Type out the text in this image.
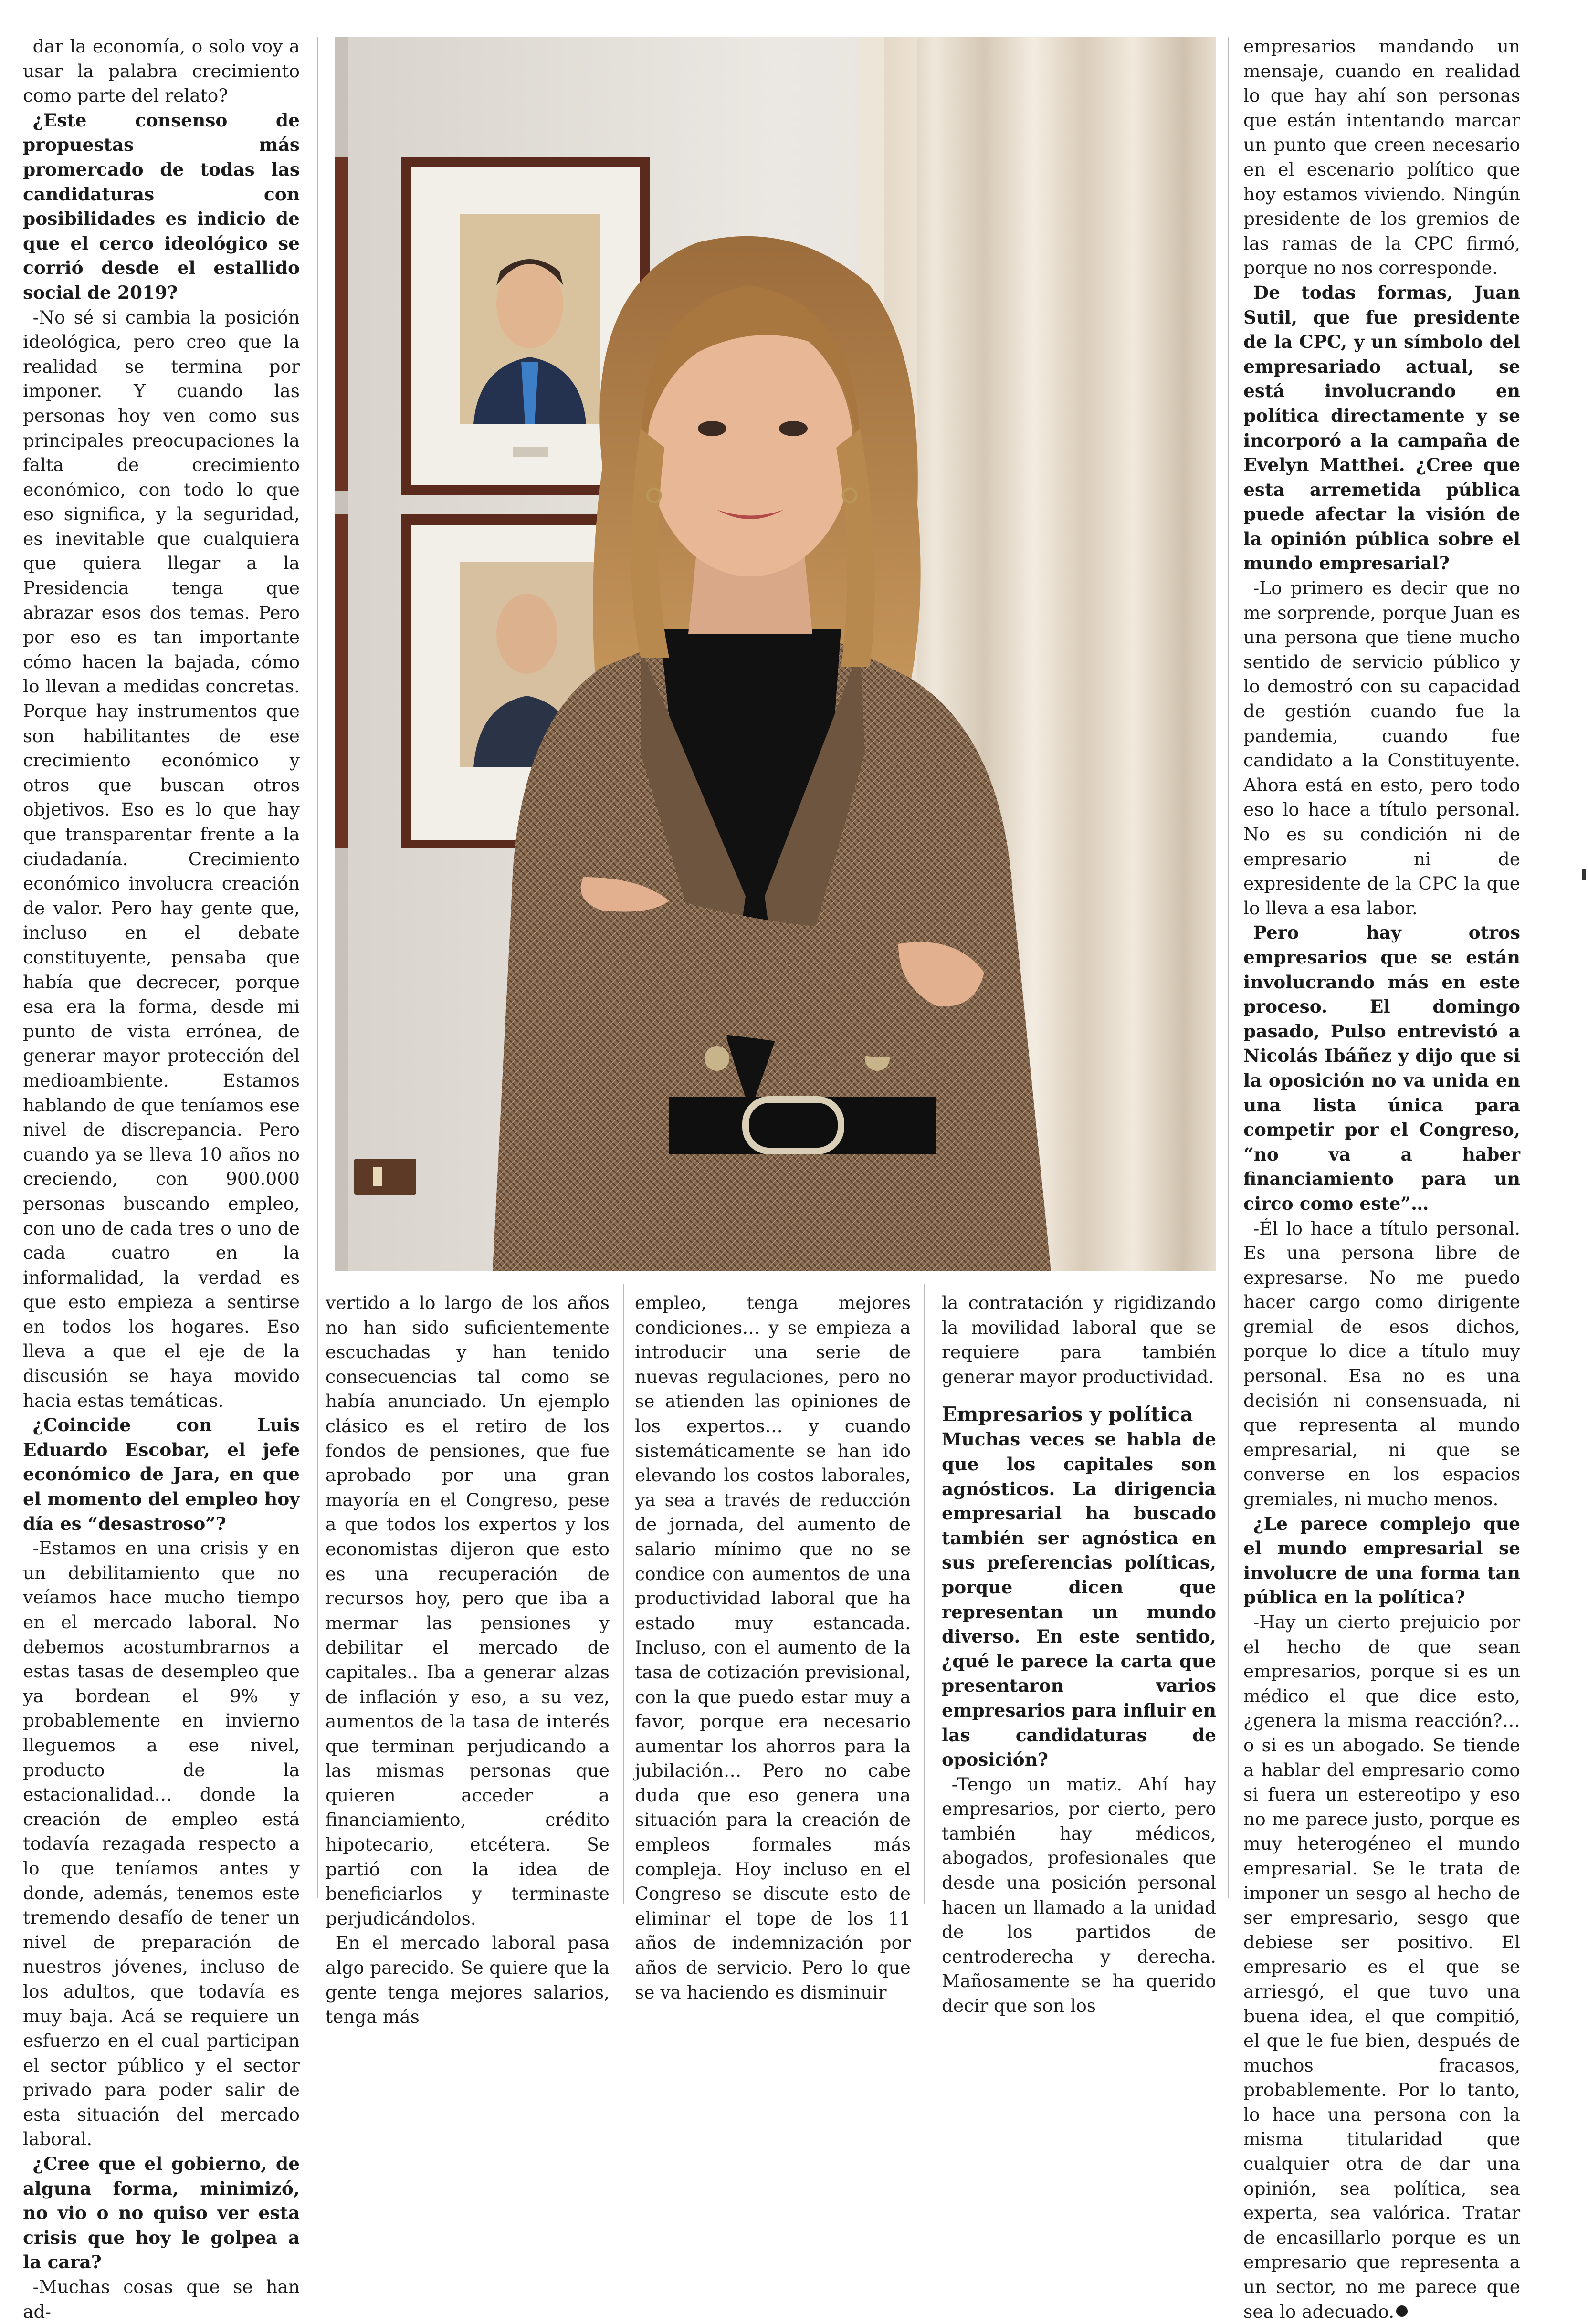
dar la economía, o solo voy a usar la palabra crecimiento como parte del relato?

¿Este consenso de propuestas más promercado de todas las candidaturas con posibilidades es indicio de que el cerco ideológico se corrió desde el estallido social de 2019?

-No sé si cambia la posición ideológica, pero creo que la realidad se termina por imponer. Y cuando las personas hoy ven como sus principales preocupaciones la falta de crecimiento económico, con todo lo que eso significa, y la seguridad, es inevitable que cualquiera que quiera llegar a la Presidencia tenga que abrazar esos dos temas. Pero por eso es tan importante cómo hacen la bajada, cómo lo llevan a medidas concretas. Porque hay instrumentos que son habilitantes de ese crecimiento económico y otros que buscan otros objetivos. Eso es lo que hay que transparentar frente a la ciudadanía. Crecimiento económico involucra creación de valor. Pero hay gente que, incluso en el debate constituyente, pensaba que había que decrecer, porque esa era la forma, desde mi punto de vista errónea, de generar mayor protección del medioambiente. Estamos hablando de que teníamos ese nivel de discrepancia. Pero cuando ya se lleva 10 años no creciendo, con 900.000 personas buscando empleo, con uno de cada tres o uno de cada cuatro en la informalidad, la verdad es que esto empieza a sentirse en todos los hogares. Eso lleva a que el eje de la discusión se haya movido hacia estas temáticas.

¿Coincide con Luis Eduardo Escobar, el jefe económico de Jara, en que el momento del empleo hoy día es “desastroso”?

-Estamos en una crisis y en un debilitamiento que no veíamos hace mucho tiempo en el mercado laboral. No debemos acostumbrarnos a estas tasas de desempleo que ya bordean el 9% y probablemente en invierno lleguemos a ese nivel, producto de la estacionalidad… donde la creación de empleo está todavía rezagada respecto a lo que teníamos antes y donde, además, tenemos este tremendo desafío de tener un nivel de preparación de nuestros jóvenes, incluso de los adultos, que todavía es muy baja. Acá se requiere un esfuerzo en el cual participan el sector público y el sector privado para poder salir de esta situación del mercado laboral.

¿Cree que el gobierno, de alguna forma, minimizó, no vio o no quiso ver esta crisis que hoy le golpea a la cara?

-Muchas cosas que se han ad-

vertido a lo largo de los años no han sido suficientemente escuchadas y han tenido consecuencias tal como se había anunciado. Un ejemplo clásico es el retiro de los fondos de pensiones, que fue aprobado por una gran mayoría en el Congreso, pese a que todos los expertos y los economistas dijeron que esto es una recuperación de recursos hoy, pero que iba a mermar las pensiones y debilitar el mercado de capitales.. Iba a generar alzas de inflación y eso, a su vez, aumentos de la tasa de interés que terminan perjudicando a las mismas personas que quieren acceder a financiamiento, crédito hipotecario, etcétera. Se partió con la idea de beneficiarlos y terminaste perjudicándolos.

En el mercado laboral pasa algo parecido. Se quiere que la gente tenga mejores salarios, tenga más

empleo, tenga mejores condiciones… y se empieza a introducir una serie de nuevas regulaciones, pero no se atienden las opiniones de los expertos… y cuando sistemáticamente se han ido elevando los costos laborales, ya sea a través de reducción de jornada, del aumento de salario mínimo que no se condice con aumentos de una productividad laboral que ha estado muy estancada. Incluso, con el aumento de la tasa de cotización previsional, con la que puedo estar muy a favor, porque era necesario aumentar los ahorros para la jubilación… Pero no cabe duda que eso genera una situación para la creación de empleos formales más compleja. Hoy incluso en el Congreso se discute esto de eliminar el tope de los 11 años de indemnización por años de servicio. Pero lo que se va haciendo es disminuir

la contratación y rigidizando la movilidad laboral que se requiere para también generar mayor productividad.

Empresarios y política

Muchas veces se habla de que los capitales son agnósticos. La dirigencia empresarial ha buscado también ser agnóstica en sus preferencias políticas, porque dicen que representan un mundo diverso. En este sentido, ¿qué le parece la carta que presentaron varios empresarios para influir en las candidaturas de oposición?

-Tengo un matiz. Ahí hay empresarios, por cierto, pero también hay médicos, abogados, profesionales que desde una posición personal hacen un llamado a la unidad de los partidos de centroderecha y derecha. Mañosamente se ha querido decir que son los

empresarios mandando un mensaje, cuando en realidad lo que hay ahí son personas que están intentando marcar un punto que creen necesario en el escenario político que hoy estamos viviendo. Ningún presidente de los gremios de las ramas de la CPC firmó, porque no nos corresponde.

De todas formas, Juan Sutil, que fue presidente de la CPC, y un símbolo del empresariado actual, se está involucrando en política directamente y se incorporó a la campaña de Evelyn Matthei. ¿Cree que esta arremetida pública puede afectar la visión de la opinión pública sobre el mundo empresarial?

-Lo primero es decir que no me sorprende, porque Juan es una persona que tiene mucho sentido de servicio público y lo demostró con su capacidad de gestión cuando fue la pandemia, cuando fue candidato a la Constituyente. Ahora está en esto, pero todo eso lo hace a título personal. No es su condición ni de empresario ni de expresidente de la CPC la que lo lleva a esa labor.

Pero hay otros empresarios que se están involucrando más en este proceso. El domingo pasado, Pulso entrevistó a Nicolás Ibáñez y dijo que si la oposición no va unida en una lista única para competir por el Congreso, “no va a haber financiamiento para un circo como este”…

-Él lo hace a título personal. Es una persona libre de expresarse. No me puedo hacer cargo como dirigente gremial de esos dichos, porque lo dice a título muy personal. Esa no es una decisión ni consensuada, ni que representa al mundo empresarial, ni que se converse en los espacios gremiales, ni mucho menos.

¿Le parece complejo que el mundo empresarial se involucre de una forma tan pública en la política?

-Hay un cierto prejuicio por el hecho de que sean empresarios, porque si es un médico el que dice esto, ¿genera la misma reacción?… o si es un abogado. Se tiende a hablar del empresario como si fuera un estereotipo y eso no me parece justo, porque es muy heterogéneo el mundo empresarial. Se le trata de imponer un sesgo al hecho de ser empresario, sesgo que debiese ser positivo. El empresario es el que se arriesgó, el que tuvo una buena idea, el que compitió, el que le fue bien, después de muchos fracasos, probablemente. Por lo tanto, lo hace una persona con la misma titularidad que cualquier otra de dar una opinión, sea política, sea experta, sea valórica. Tratar de encasillarlo porque es un empresario que representa a un sector, no me parece que sea lo adecuado.
